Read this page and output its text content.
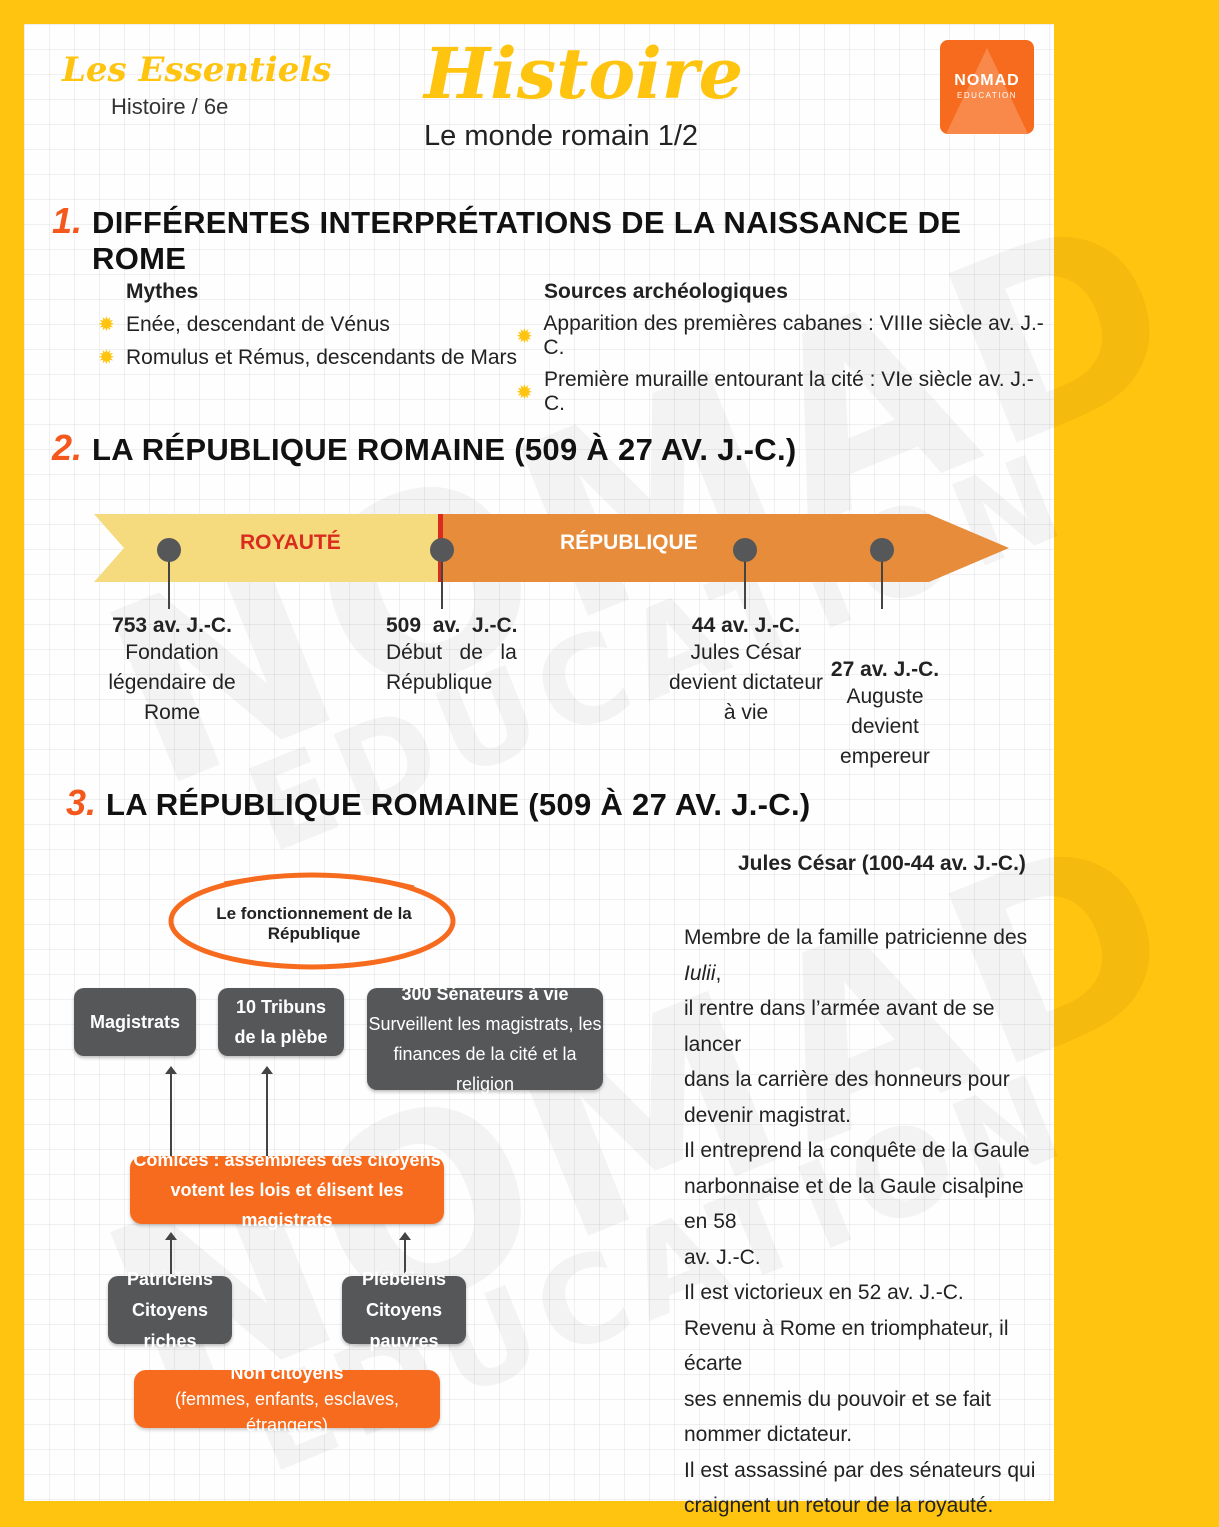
Les Essentiels
Histoire / 6e	Histoire
Le monde romain 1/2
NOMAD
EDUCATION
1. DIFFÉRENTES INTERPRÉTATIONS DE LA NAISSANCE DE ROME
Mythes
✹ Enée, descendant de Vénus
✹ Romulus et Rémus, descendants de Mars
Sources archéologiques
✹
Apparition des premières cabanes : VIIIe siècle av. J.-C.
✹
Première muraille entourant la cité : VIe siècle av. J.-C.
2. LA RÉPUBLIQUE ROMAINE (509 À 27 AV. J.-C.)
ROYAUTÉ	RÉPUBLIQUE
753 av. J.-C.
Fondation
légendaire de
Rome
509  av.  J.-C.
Début   de   la
République
44 av. J.-C.
Jules César
devient dictateur
à vie
27 av. J.-C.
Auguste
devient
empereur
3. LA RÉPUBLIQUE ROMAINE (509 À 27 AV. J.-C.)
Le fonctionnement de la République
Magistrats
10 Tribuns
de la plèbe
300 Sénateurs à vie
Surveillent les magistrats, les
finances de la cité et la religion
Comices : assemblées des citoyens
votent les lois et élisent les magistrats
Patriciens
Citoyens riches
Plébéiens
Citoyens pauvres
Non citoyens
(femmes, enfants, esclaves, étrangers)
Jules César (100-44 av. J.-C.)
Membre de la famille patricienne des Iulii,
il rentre dans l’armée avant de se lancer
dans la carrière des honneurs pour
devenir magistrat.
Il entreprend la conquête de la Gaule
narbonnaise et de la Gaule cisalpine en 58
av. J.-C.
Il est victorieux en 52 av. J.-C.
Revenu à Rome en triomphateur, il écarte
ses ennemis du pouvoir et se fait
nommer dictateur.
Il est assassiné par des sénateurs qui
craignent un retour de la royauté.
